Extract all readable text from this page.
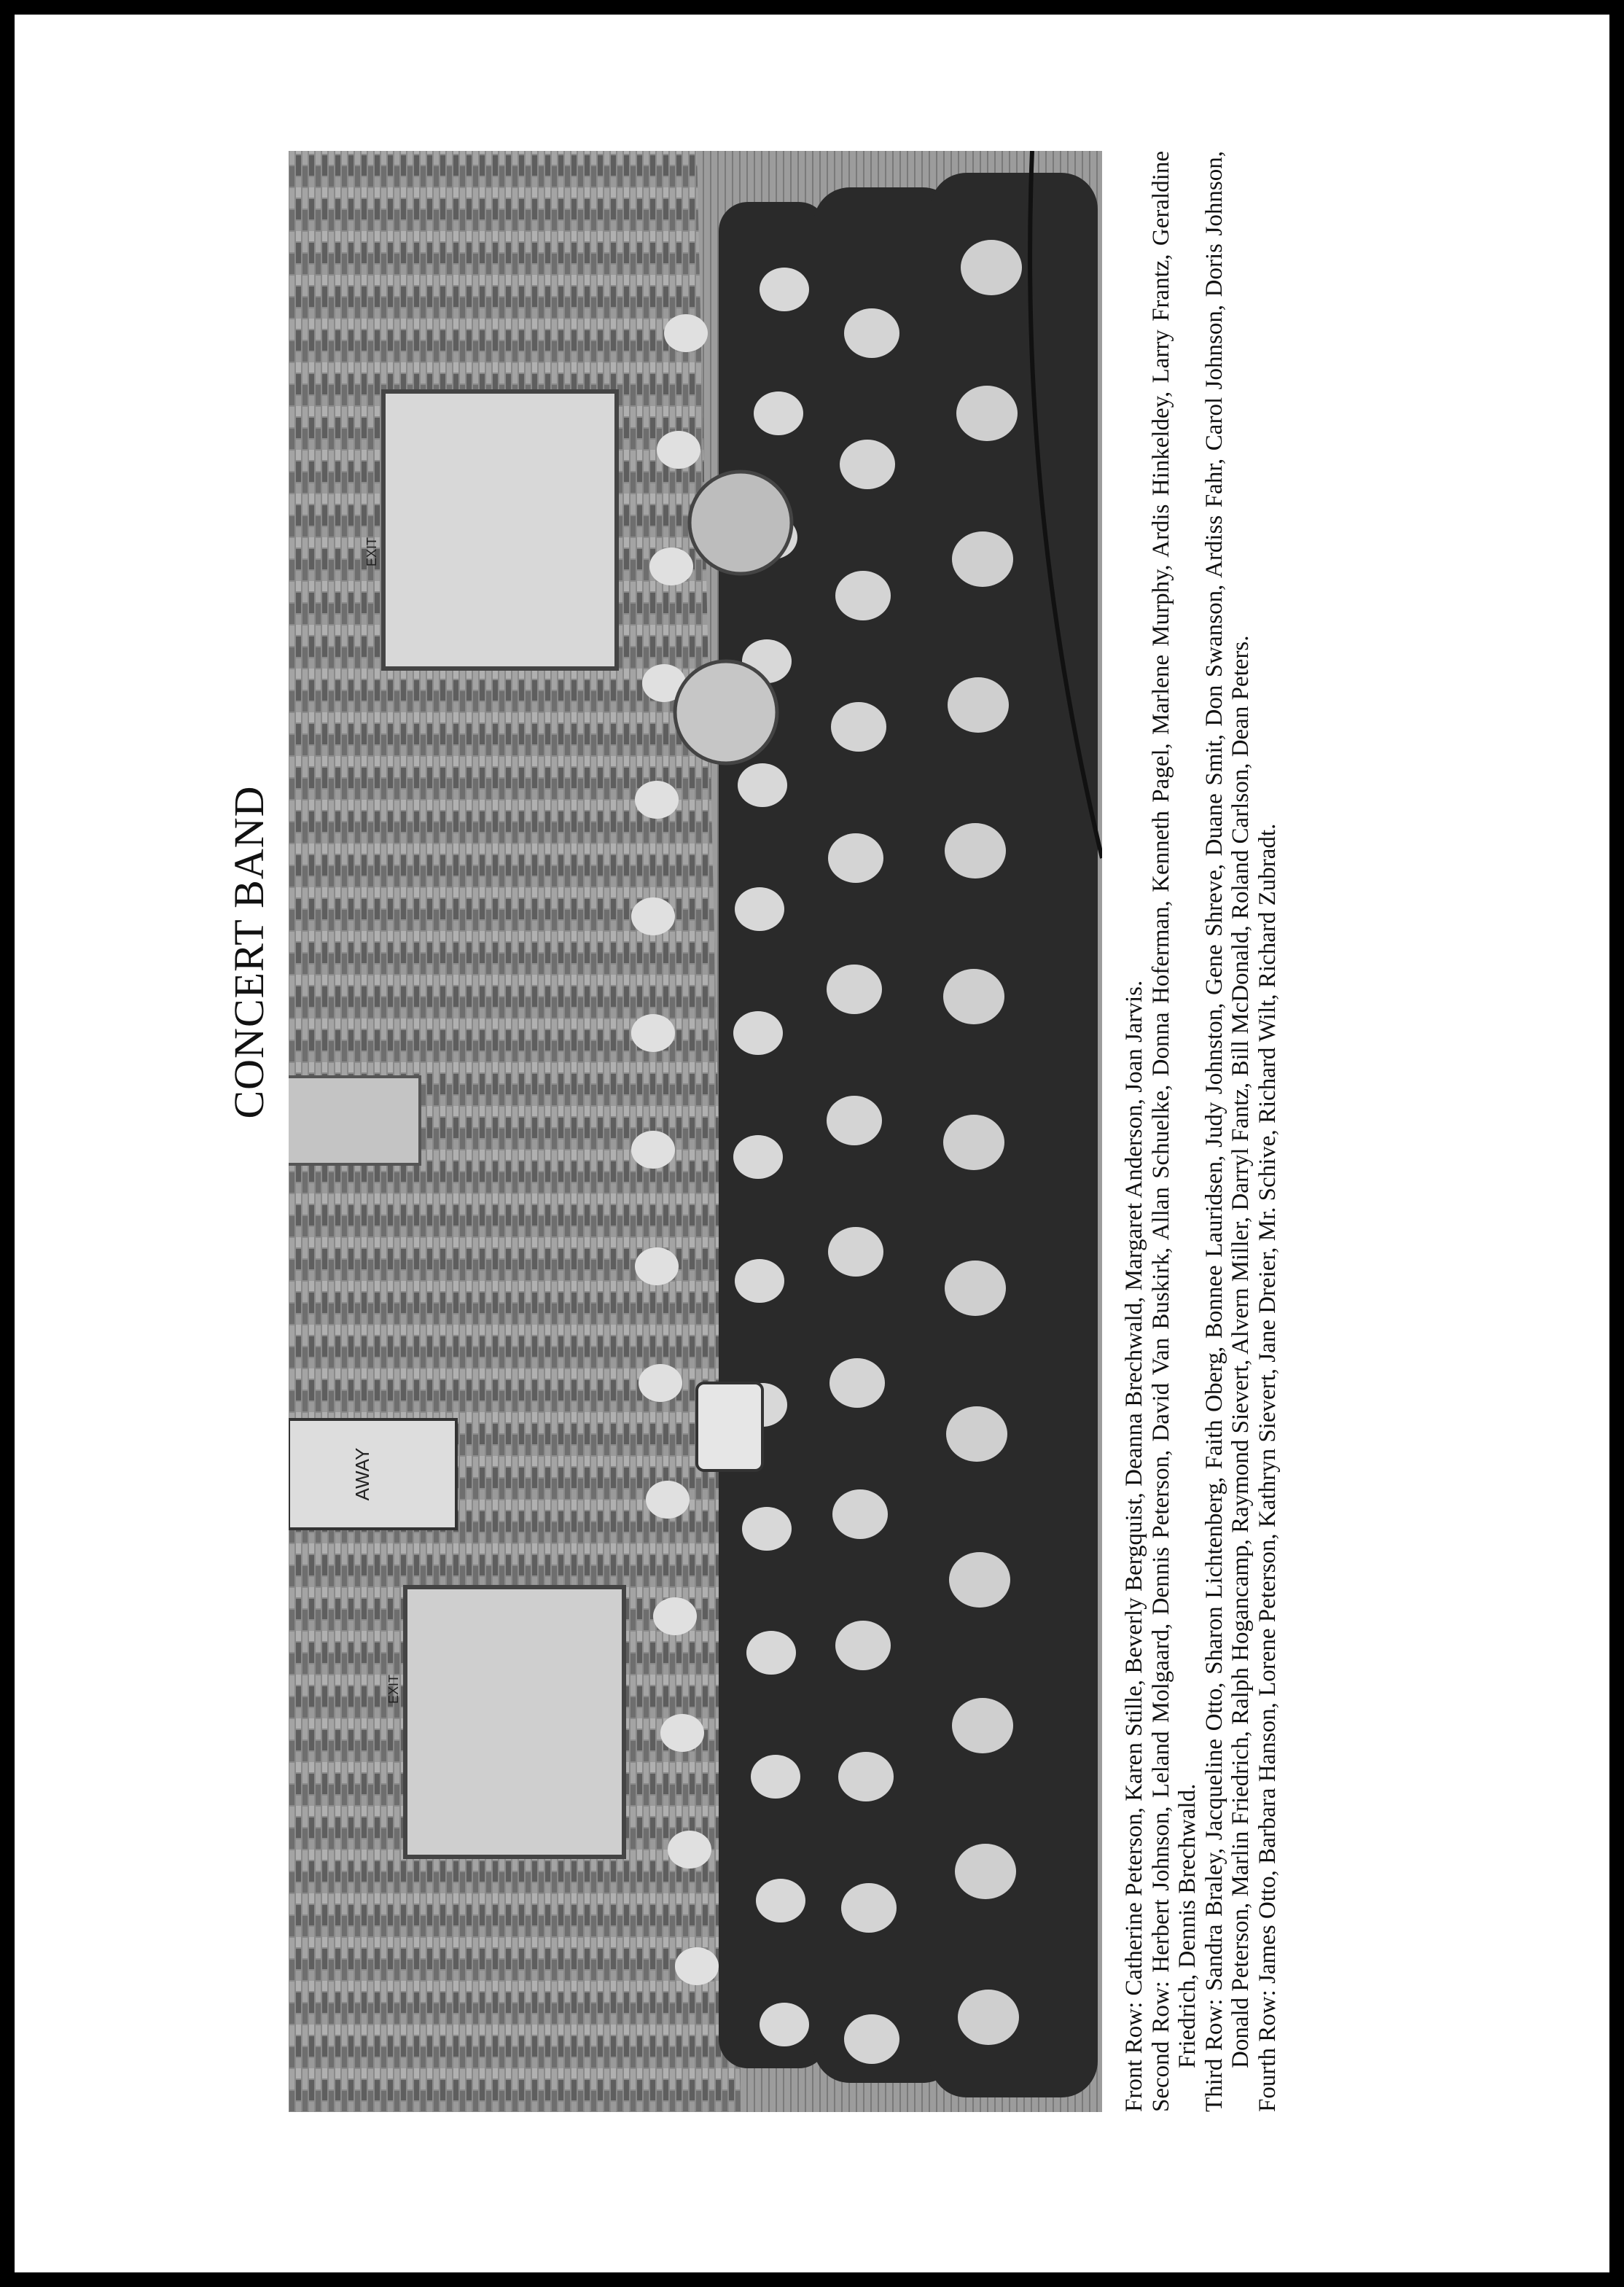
CONCERT BAND
AWAY
EXIT
EXIT

Front Row: Catherine Peterson, Karen Stille, Beverly Bergquist, Deanna Brechwald, Margaret Anderson, Joan Jarvis.

Second Row: Herbert Johnson, Leland Molgaard, Dennis Peterson, David Van Buskirk, Allan Schuelke, Donna Hoferman, Kenneth Pagel, Marlene Murphy, Ardis Hinkeldey, Larry Frantz, Geraldine Friedrich, Dennis Brechwald. Third Row: Sandra Braley, Jacqueline Otto, Sharon Lichtenberg, Faith Oberg, Bonnee Lauridsen, Judy Johnston, Gene Shreve, Duane Smit, Don Swanson, Ardiss Fahr, Carol Johnson, Doris Johnson, Donald Peterson, Marlin Friedrich, Ralph Hogancamp, Raymond Sievert, Alvern Miller, Darryl Fantz, Bill McDonald, Roland Carlson, Dean Peters. Fourth Row: James Otto, Barbara Hanson, Lorene Peterson, Kathryn Sievert, Jane Dreier, Mr. Schive, Richard Wilt, Richard Zubradt.
